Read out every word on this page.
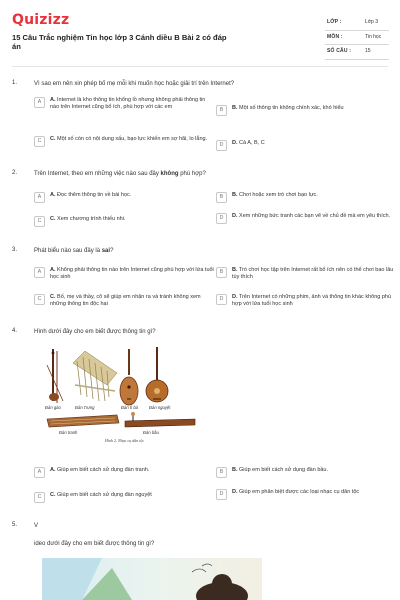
Quizizz
15 Câu Trắc nghiệm Tin học lớp 3 Cánh diều B Bài 2 có đáp án
LỚP :	Lớp 3
MÔN :	Tin học
SỐ CÂU :	15
1.	Vì sao em nên xin phép bố mẹ mỗi khi muốn học hoặc giải trí trên Internet?
A	A. Internet là kho thông tin khổng lồ nhưng không phải thông tin nào trên Internet cũng bổ ích, phù hợp với các em	B	B. Một số thông tin không chính xác, khó hiểu
C	C. Một số còn có nội dung xấu, bạo lực khiến em sợ hãi, lo lắng.
D	D. Cả A, B, C
2.	Trên Internet, theo em những việc nào sau đây không phù hợp?
A	A. Đọc thêm thông tin về bài học.	B	B. Chơi hoặc xem trò chơi bạo lực.
C	C. Xem chương trình thiếu nhi.	D	D. Xem những bức tranh các bạn vẽ về chủ đề mà em yêu thích.
3.	Phát biểu nào sau đây là sai?
A	A. Không phải thông tin nào trên Internet cũng phù hợp với lứa tuổi học sinh
B	B. Trò chơi học tập trên Internet rất bổ ích nên có thể chơi bao lâu tùy thích
C	C. Bố, mẹ và thầy, cô sẽ giúp em nhận ra và tránh không xem những thông tin độc hại
D	D. Trên Internet có những phim, ảnh và thông tin khác không phù hợp với lứa tuổi học sinh
4.	Hình dưới đây cho em biết được thông tin gì?
Đàn gáo	Đàn t'rưng	Đàn tì bà	Đàn nguyệt
Đàn tranh	Đàn bầu
Hình 2. Nhạc cụ dân tộc
A	A. Giúp em biết cách sử dụng đàn tranh.	B	B. Giúp em biết cách sử dụng đàn bầu.
C	C. Giúp em biết cách sử dụng đàn nguyệt	D	D. Giúp em phân biệt được các loại nhạc cụ dân tộc
5.	V
ideo dưới đây cho em biết được thông tin gì?
